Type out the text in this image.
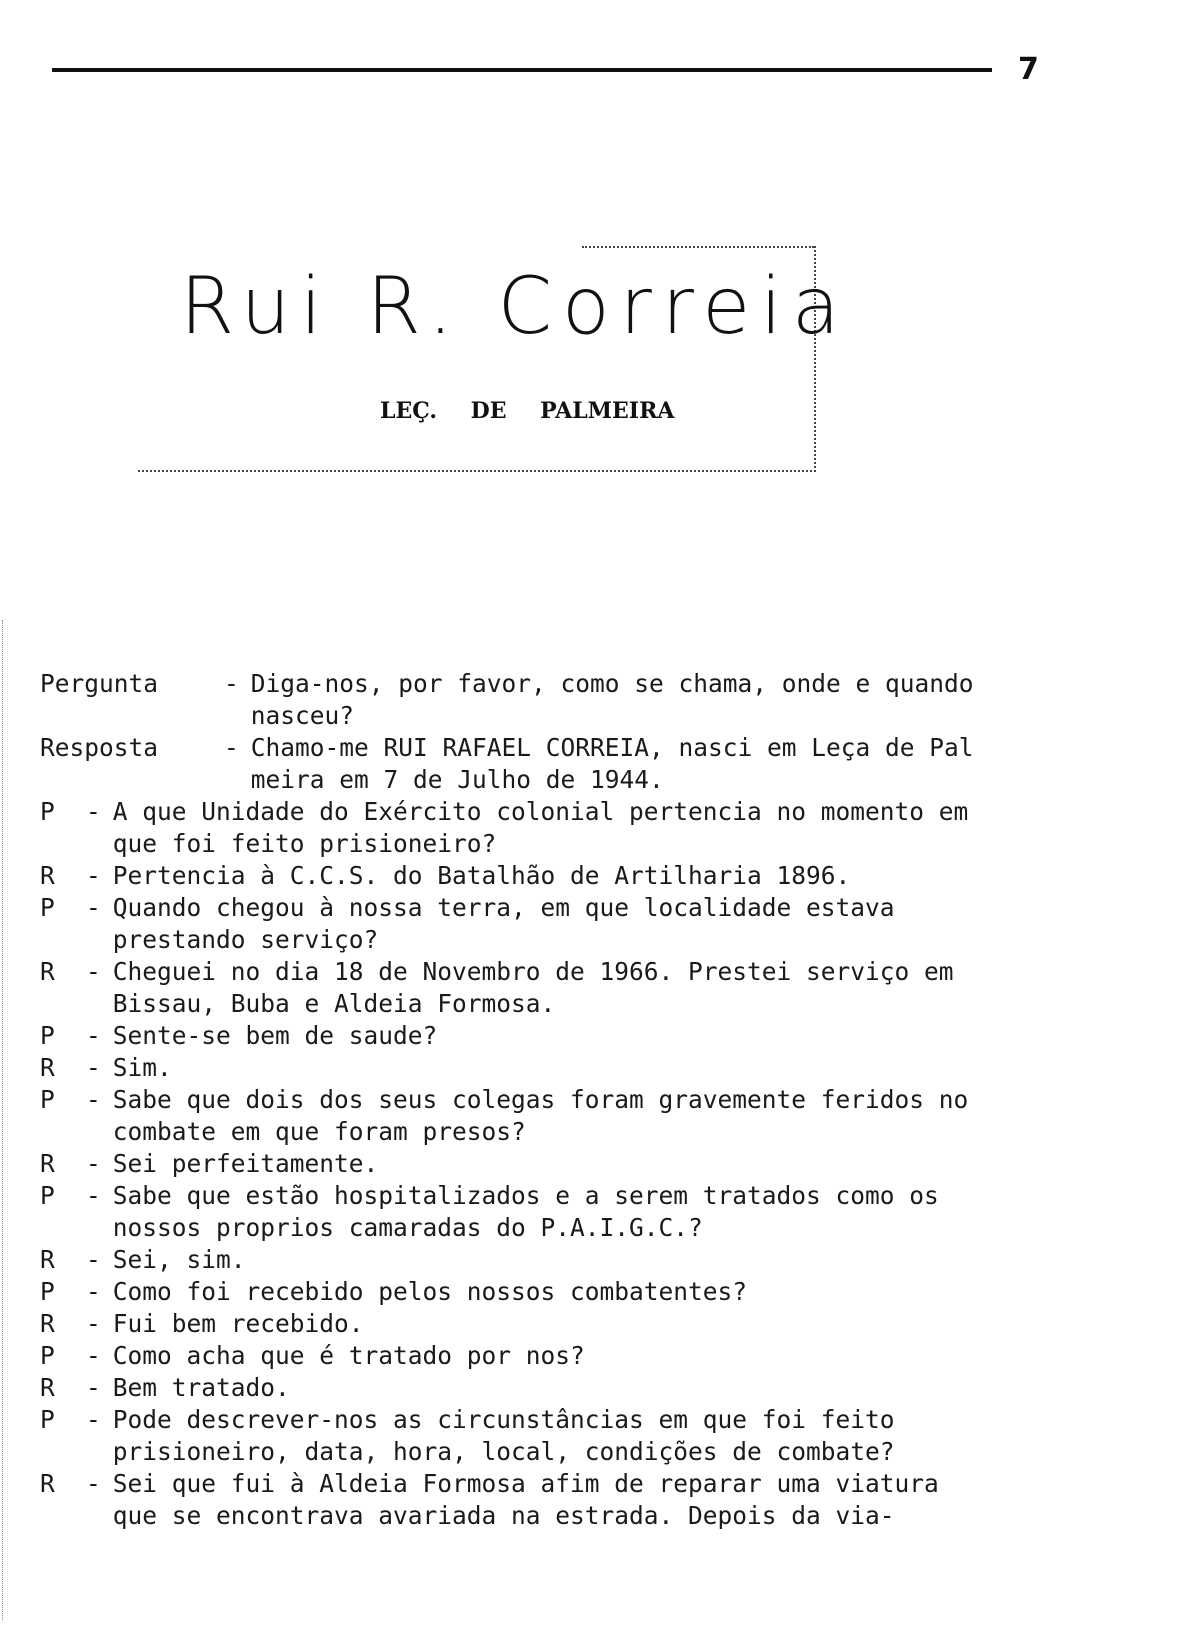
7
Rui R. Correia
LEÇ. DE PALMEIRA
Pergunta	- Diga-nos, por favor, como se chama, onde e quando nasceu?
Resposta	- Chamo-me RUI RAFAEL CORREIA, nasci em Leça de Pal meira em 7 de Julho de 1944.
P	- A que Unidade do Exército colonial pertencia no momento em que foi feito prisioneiro?
R	- Pertencia à C.C.S. do Batalhão de Artilharia 1896.
P	- Quando chegou à nossa terra, em que localidade estava prestando serviço?
R	- Cheguei no dia 18 de Novembro de 1966. Prestei serviço em Bissau, Buba e Aldeia Formosa.
P	- Sente-se bem de saude?
R	- Sim.
P	- Sabe que dois dos seus colegas foram gravemente feridos no combate em que foram presos?
R	- Sei perfeitamente.
P	- Sabe que estão hospitalizados e a serem tratados como os nossos proprios camaradas do P.A.I.G.C.?
R	- Sei, sim.
P	- Como foi recebido pelos nossos combatentes?
R	- Fui bem recebido.
P	- Como acha que é tratado por nos?
R	- Bem tratado.
P	- Pode descrever-nos as circunstâncias em que foi feito prisioneiro, data, hora, local, condições de combate?
R	- Sei que fui à Aldeia Formosa afim de reparar uma viatura que se encontrava avariada na estrada. Depois da via-
